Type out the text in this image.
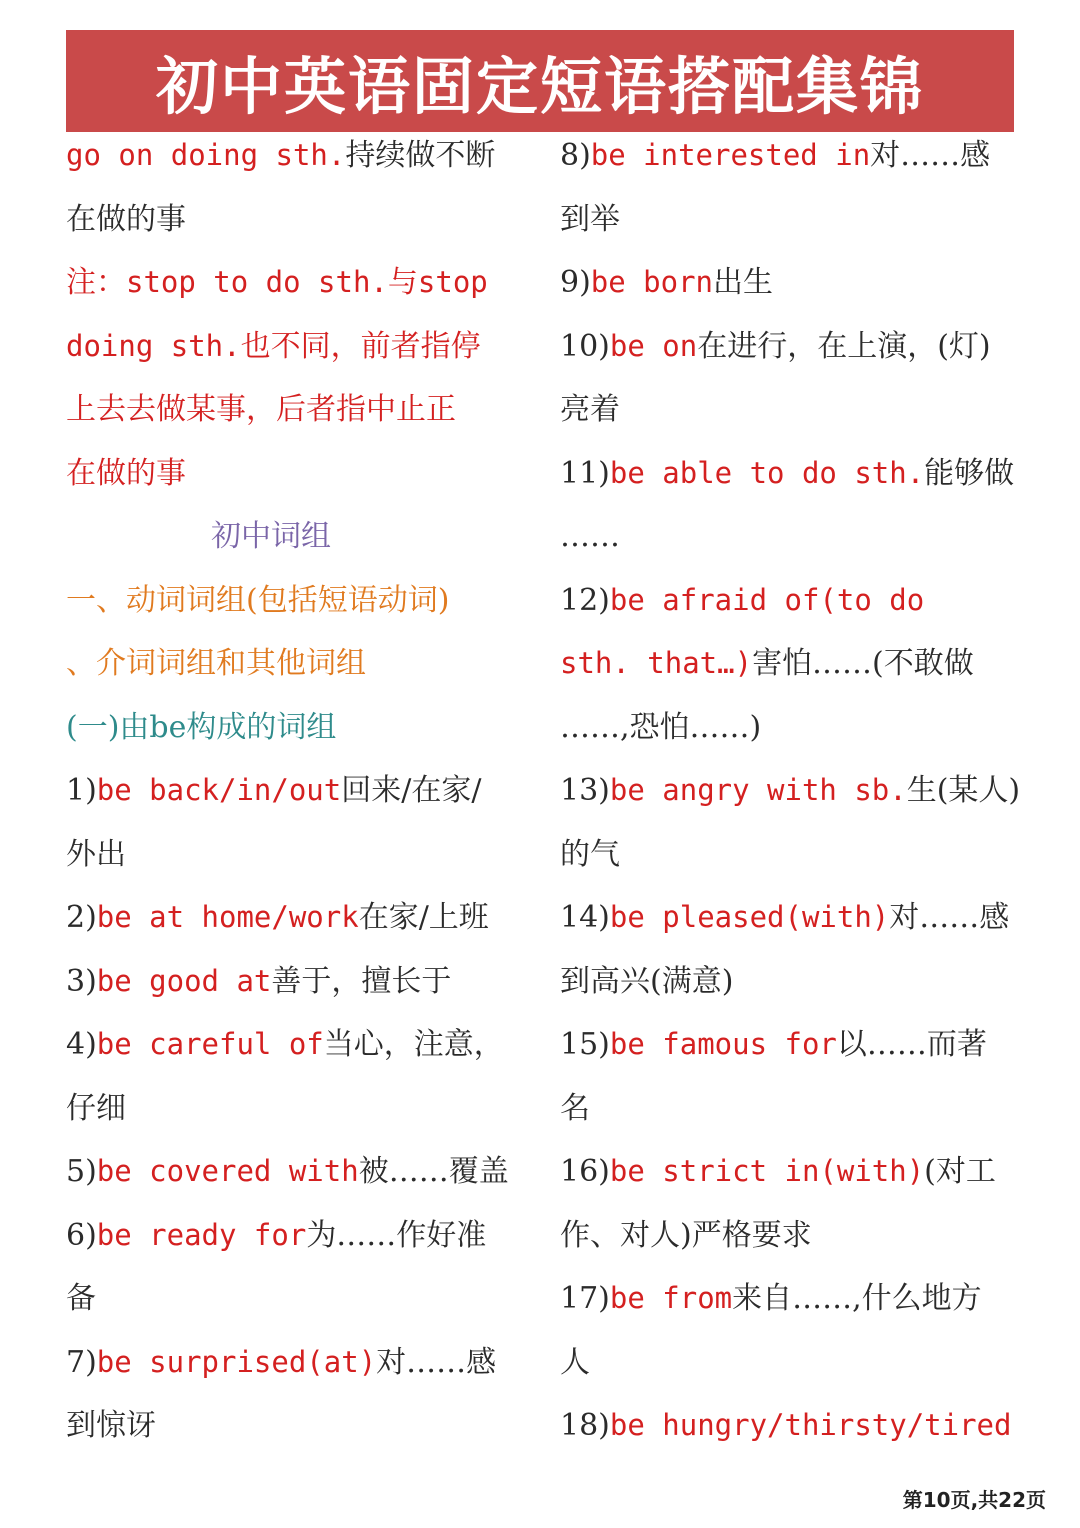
初中英语固定短语搭配集锦
go on doing sth.持续做不断
在做的事
注：stop to do sth.与stop
doing sth.也不同，前者指停
上去去做某事，后者指中止正
在做的事
初中词组
一、动词词组(包括短语动词)
、介词词组和其他词组
(一)由be构成的词组
1)be back/in/out回来/在家/
外出
2)be at home/work在家/上班
3)be good at善于，擅长于
4)be careful of当心，注意，
仔细
5)be covered with被……覆盖
6)be ready for为……作好准
备
7)be surprised(at)对……感
到惊讶
8)be interested in对……感
到举
9)be born出生
10)be on在进行，在上演，(灯)
亮着
11)be able to do sth.能够做
……
12)be afraid of(to do
sth. that…)害怕……(不敢做
……,恐怕……)
13)be angry with sb.生(某人)
的气
14)be pleased(with)对……感
到高兴(满意)
15)be famous for以……而著
名
16)be strict in(with)(对工
作、对人)严格要求
17)be from来自……,什么地方
人
18)be hungry/thirsty/tired
第10页,共22页
